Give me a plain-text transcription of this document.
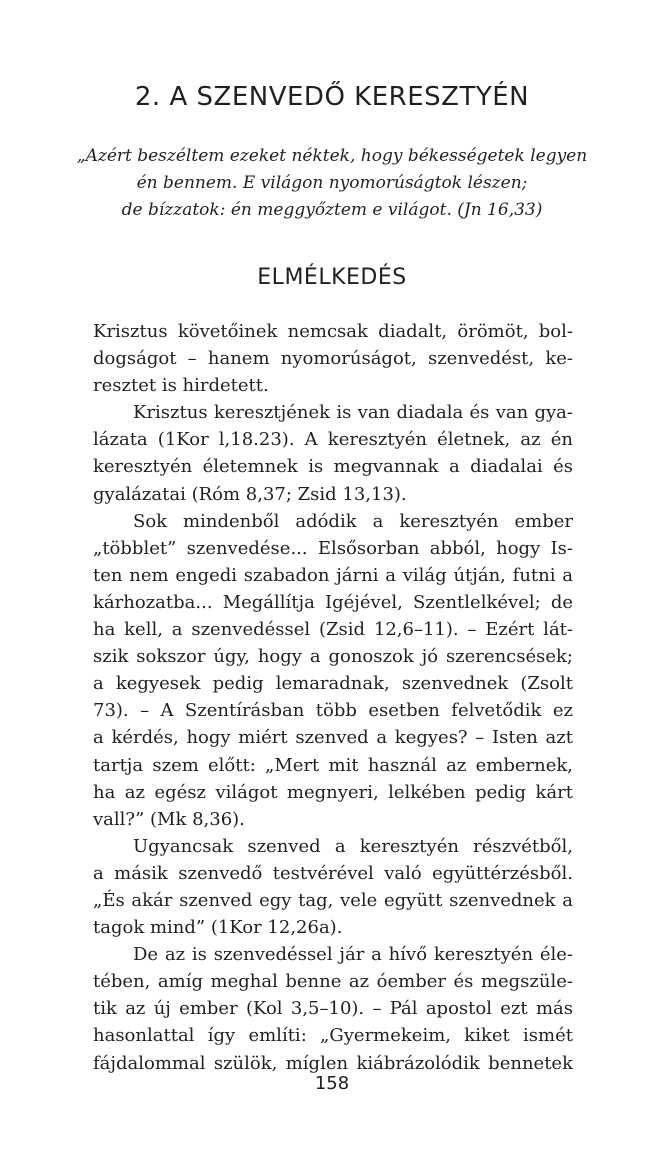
2. A SZENVEDŐ KERESZTYÉN
„Azért beszéltem ezeket néktek, hogy békességetek legyen
én bennem. E világon nyomorúságtok lészen;
de bízzatok: én meggyőztem e világot. (Jn 16,33)
ELMÉLKEDÉS
Krisztus követőinek nemcsak diadalt, örömöt, bol-
dogságot – hanem nyomorúságot, szenvedést, ke-
resztet is hirdetett.
Krisztus keresztjének is van diadala és van gya-
lázata (1Kor l,18.23). A keresztyén életnek, az én
keresztyén életemnek is megvannak a diadalai és
gyalázatai (Róm 8,37; Zsid 13,13).
Sok mindenből adódik a keresztyén ember
„többlet” szenvedése... Elsősorban abból, hogy Is-
ten nem engedi szabadon járni a világ útján, futni a
kárhozatba... Megállítja Igéjével, Szentlelkével; de
ha kell, a szenvedéssel (Zsid 12,6–11). – Ezért lát-
szik sokszor úgy, hogy a gonoszok jó szerencsések;
a kegyesek pedig lemaradnak, szenvednek (Zsolt
73). – A Szentírásban több esetben felvetődik ez
a kérdés, hogy miért szenved a kegyes? – Isten azt
tartja szem előtt: „Mert mit használ az embernek,
ha az egész világot megnyeri, lelkében pedig kárt
vall?” (Mk 8,36).
Ugyancsak szenved a keresztyén részvétből,
a másik szenvedő testvérével való együttérzésből.
„És akár szenved egy tag, vele együtt szenvednek a
tagok mind” (1Kor 12,26a).
De az is szenvedéssel jár a hívő keresztyén éle-
tében, amíg meghal benne az óember és megszüle-
tik az új ember (Kol 3,5–10). – Pál apostol ezt más
hasonlattal így említi: „Gyermekeim, kiket ismét
fájdalommal szülök, míglen kiábrázolódik bennetek
158
